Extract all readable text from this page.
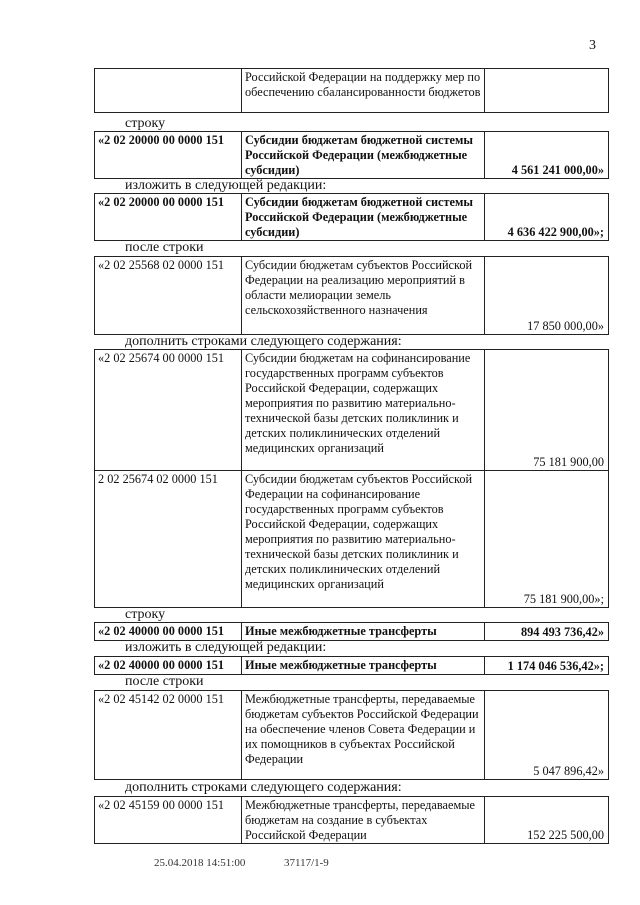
3
	Российской Федерации на поддержку мер по обеспечению сбалансированности бюджетов	
строку
«2 02 20000 00 0000 151	Субсидии бюджетам бюджетной системы Российской Федерации (межбюджетные субсидии)	4 561 241 000,00»
изложить в следующей редакции:
«2 02 20000 00 0000 151	Субсидии бюджетам бюджетной системы Российской Федерации (межбюджетные субсидии)	4 636 422 900,00»;
после строки
«2 02 25568 02 0000 151	Субсидии бюджетам субъектов Российской Федерации на реализацию мероприятий в области мелиорации земель сельскохозяйственного назначения	17 850 000,00»
дополнить строками следующего содержания:
«2 02 25674 00 0000 151	Субсидии бюджетам на софинансирование государственных программ субъектов Российской Федерации, содержащих мероприятия по развитию материально-технической базы детских поликлиник и детских поликлинических отделений медицинских организаций	75 181 900,00
2 02 25674 02 0000 151	Субсидии бюджетам субъектов Российской Федерации на софинансирование государственных программ субъектов Российской Федерации, содержащих мероприятия по развитию материально-технической базы детских поликлиник и детских поликлинических отделений медицинских организаций	75 181 900,00»;
строку
«2 02 40000 00 0000 151	Иные межбюджетные трансферты	894 493 736,42»
изложить в следующей редакции:
«2 02 40000 00 0000 151	Иные межбюджетные трансферты	1 174 046 536,42»;
после строки
«2 02 45142 02 0000 151	Межбюджетные трансферты, передаваемые бюджетам субъектов Российской Федерации на обеспечение членов Совета Федерации и их помощников в субъектах Российской Федерации	5 047 896,42»
дополнить строками следующего содержания:
«2 02 45159 00 0000 151	Межбюджетные трансферты, передаваемые бюджетам на создание в субъектах Российской Федерации	152 225 500,00
25.04.2018 14:51:00	37117/1-9
